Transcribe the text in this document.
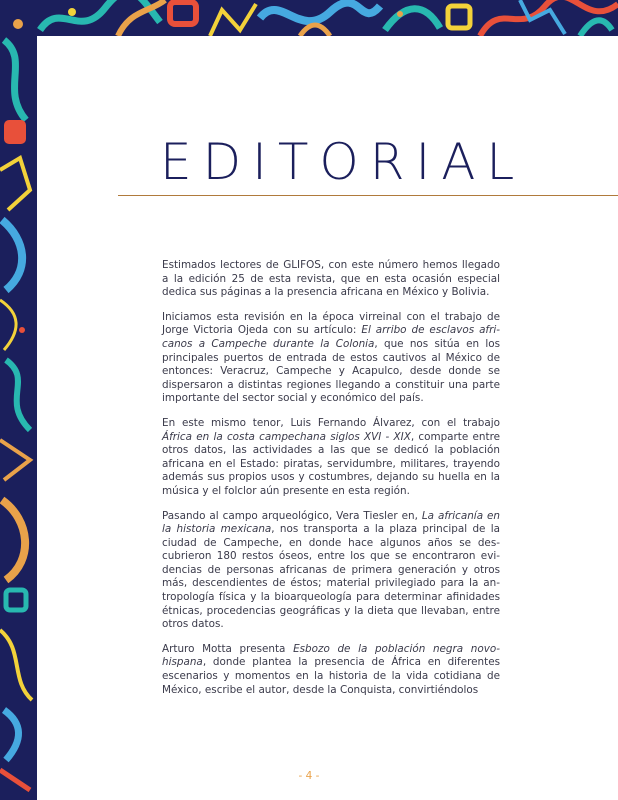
EDITORIAL

Estimados lectores de GLIFOS, con este número hemos llegado a la edición 25 de esta revista, que en esta ocasión especial dedica sus páginas a la presencia africana en México y Bolivia.

Iniciamos esta revisión en la época virreinal con el trabajo de Jorge Victoria Ojeda con su artículo: El arribo de esclavos africanos a Campeche durante la Colonia, que nos sitúa en los principales puertos de entrada de estos cautivos al México de entonces: Veracruz, Campeche y Acapulco, desde donde se dispersaron a distintas regiones llegando a constituir una parte importante del sector social y económico del país.

En este mismo tenor, Luis Fernando Álvarez, con el trabajo África en la costa campechana siglos XVI - XIX, comparte entre otros datos, las actividades a las que se dedicó la población africana en el Estado: piratas, servidumbre, militares, trayendo además sus propios usos y costumbres, dejando su huella en la música y el folclor aún presente en esta región.

Pasando al campo arqueológico, Vera Tiesler en, La africanía en la historia mexicana, nos transporta a la plaza principal de la ciudad de Campeche, en donde hace algunos años se descubrieron 180 restos óseos, entre los que se encontraron evidencias de personas africanas de primera generación y otros más, descendientes de éstos; material privilegiado para la antropología física y la bioarqueología para determinar afinidades étnicas, procedencias geográficas y la dieta que llevaban, entre otros datos.

Arturo Motta presenta Esbozo de la población negra novohispana, donde plantea la presencia de África en diferentes escenarios y momentos en la historia de la vida cotidiana de México, escribe el autor, desde la Conquista, convirtiéndolos

- 4 -
